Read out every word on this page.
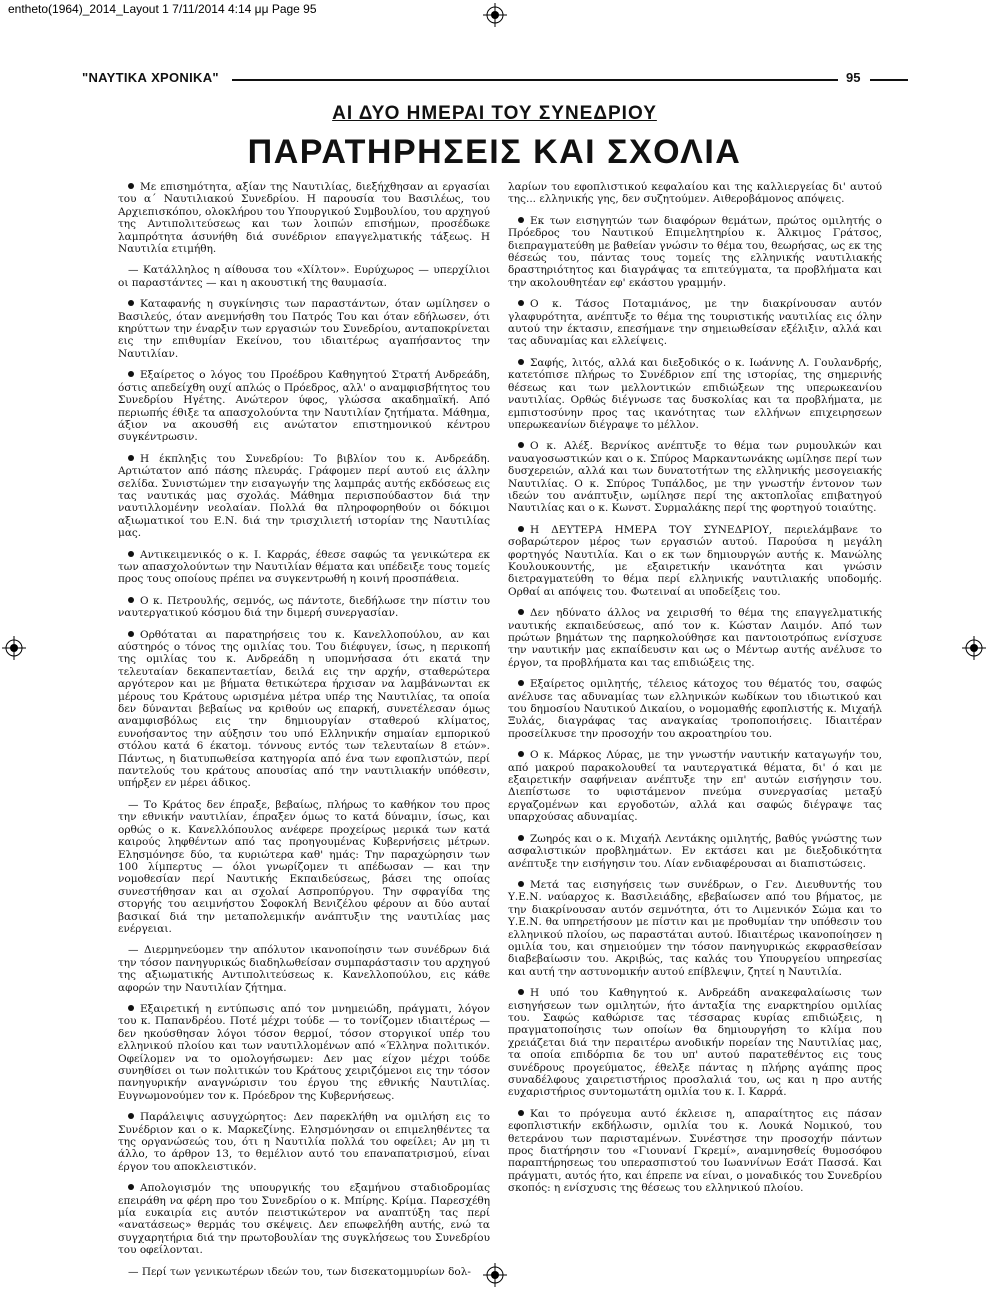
entheto(1964)_2014_Layout 1 7/11/2014 4:14 μμ Page 95
"ΝΑΥΤΙΚΑ ΧΡΟΝΙΚΑ"	95
ΑΙ ΔΥΟ ΗΜΕΡΑΙ ΤΟΥ ΣΥΝΕΔΡΙΟΥ
ΠΑΡΑΤΗΡΗΣΕΙΣ ΚΑΙ ΣΧΟΛΙΑ

Με επισημότητα, αξίαν της Ναυτιλίας, διεξήχθησαν αι εργασίαι του α΄ Ναυτιλιακού Συνεδρίου. Η παρουσία του Βασιλέως, του Αρχιεπισκόπου, ολοκλήρου του Υπουργικού Συμβουλίου, του αρχηγού της Αντιπολιτεύσεως και των λοιπών επισήμων, προσέδωκε λαμπρότητα άσυνήθη διά συνέδριον επαγγελματικής τάξεως. Η Ναυτιλία ετιμήθη.

— Κατάλληλος η αίθουσα του «Χίλτον». Ευρύχωρος — υπερχίλιοι οι παραστάντες — και η ακουστική της θαυμασία.

Καταφανής η συγκίνησις των παραστάντων, όταν ωμίλησεν ο Βασιλεύς, όταν ανεμνήσθη του Πατρός Του και όταν εδήλωσεν, ότι κηρύττων την έναρξιν των εργασιών του Συνεδρίου, ανταποκρίνεται εις την επιθυμίαν Εκείνου, του ιδιαιτέρως αγαπήσαντος την Ναυτιλίαν.

Εξαίρετος ο λόγος του Προέδρου Καθηγητού Στρατή Ανδρεάδη, όστις απεδείχθη ουχί απλώς ο Πρόεδρος, αλλ' ο αναμφισβήτητος του Συνεδρίου Ηγέτης. Ανώτερον ύφος, γλώσσα ακαδημαϊκή. Από περιωπής έθιξε τα απασχολούντα την Ναυτιλίαν ζητήματα. Μάθημα, άξιον να ακουσθή εις ανώτατον επιστημονικού κέντρου συγκέντρωσιν.

Η έκπληξις του Συνεδρίου: Το βιβλίον του κ. Ανδρεάδη. Αρτιώτατον από πάσης πλευράς. Γράφομεν περί αυτού εις άλλην σελίδα. Συνιστώμεν την εισαγωγήν της λαμπράς αυτής εκδόσεως εις τας ναυτικάς μας σχολάς. Μάθημα περισπούδαστον διά την ναυτιλλομένην νεολαίαν. Πολλά θα πληροφορηθούν οι δόκιμοι αξιωματικοί του Ε.Ν. διά την τρισχιλιετή ιστορίαν της Ναυτιλίας μας.

Αντικειμενικός ο κ. Ι. Καρράς, έθεσε σαφώς τα γενικώτερα εκ των απασχολούντων την Ναυτιλίαν θέματα και υπέδειξε τους τομείς προς τους οποίους πρέπει να συγκεντρωθή η κοινή προσπάθεια.

Ο κ. Πετρουλής, σεμνός, ως πάντοτε, διεδήλωσε την πίστιν του ναυτεργατικού κόσμου διά την διμερή συνεργασίαν.

Ορθόταται αι παρατηρήσεις του κ. Κανελλοπούλου, αν και αύστηρός ο τόνος της ομιλίας του. Του διέφυγεν, ίσως, η περικοπή της ομιλίας του κ. Ανδρεάδη η υπομνήσασα ότι εκατά την τελευταίαν δεκαπενταετίαν, δειλά εις την αρχήν, σταθερώτερα αργότερον και με βήματα θετικώτερα ήρχισαν να λαμβάνωνται εκ μέρους του Κράτους ωρισμένα μέτρα υπέρ της Ναυτιλίας, τα οποία δεν δύνανται βεβαίως να κριθούν ως επαρκή, συνετέλεσαν όμως αναμφισβόλως εις την δημιουργίαν σταθερού κλίματος, ευνοήσαντος την αύξησιν του υπό Ελληνικήν σημαίαν εμπορικού στόλου κατά 6 έκατομ. τόννους εντός των τελευταίων 8 ετών». Πάντως, η διατυπωθείσα κατηγορία από ένα των εφοπλιστών, περί παντελούς του κράτους απουσίας από την ναυτιλιακήν υπόθεσιν, υπήρξεν εν μέρει άδικος.

— Το Κράτος δεν έπραξε, βεβαίως, πλήρως το καθήκον του προς την εθνικήν ναυτιλίαν, έπραξεν όμως το κατά δύναμιν, ίσως, και ορθώς ο κ. Κανελλόπουλος ανέφερε προχείρως μερικά των κατά καιρούς ληφθέντων από τας προηγουμένας Κυβερνήσεις μέτρων. Ελησμόνησε δύο, τα κυριώτερα καθ' ημάς: Την παραχώρησιν των 100 λίμπερτυς — όλοι γνωρίζομεν τι απέδωσαν — και την νομοθεσίαν περί Ναυτικής Εκπαιδεύσεως, βάσει της οποίας συνεστήθησαν και αι σχολαί Ασπροπύργου. Την σφραγίδα της στοργής του αειμνήστου Σοφοκλή Βενιζέλου φέρουν αι δύο αυταί βασικαί διά την μεταπολεμικήν ανάπτυξιν της ναυτιλίας μας ενέργειαι.

— Διερμηνεύομεν την απόλυτον ικανοποίησιν των συνέδρων διά την τόσον πανηγυρικώς διαδηλωθείσαν συμπαράστασιν του αρχηγού της αξιωματικής Αντιπολιτεύσεως κ. Κανελλοπούλου, εις κάθε αφορών την Ναυτιλίαν ζήτημα.

Εξαιρετική η εντύπωσις από τον μνημειώδη, πράγματι, λόγον του κ. Παπανδρέου. Ποτέ μέχρι τούδε — το τονίζομεν ιδιαιτέρως — δεν ηκούσθησαν λόγοι τόσον θερμοί, τόσον στοργικοί υπέρ του ελληνικού πλοίου και των ναυτιλλομένων από «Έλληνα πολιτικόν. Οφείλομεν να το ομολογήσωμεν: Δεν μας είχον μέχρι τούδε συνηθίσει οι των πολιτικών του Κράτους χειριζόμενοι εις την τόσον πανηγυρικήν αναγνώρισιν του έργου της εθνικής Ναυτιλίας. Ευγνωμονούμεν τον κ. Πρόεδρον της Κυβερνήσεως.

Παράλειψις ασυγχώρητος: Δεν παρεκλήθη να ομιλήση εις το Συνέδριον και ο κ. Μαρκεζίνης. Ελησμόνησαν οι επιμεληθέντες τα της οργανώσεώς του, ότι η Ναυτιλία πολλά του οφείλει; Αν μη τι άλλο, το άρθρον 13, το θεμέλιον αυτό του επαναπατρισμού, είναι έργον του αποκλειστικόν.

Απολογισμόν της υπουργικής του εξαμήνου σταδιοδρομίας επειράθη να φέρη προ του Συνεδρίου ο κ. Μπίρης. Κρίμα. Παρεσχέθη μία ευκαιρία εις αυτόν πειστικώτερον να αναπτύξη τας περί «ανατάσεως» θερμάς του σκέψεις. Δεν επωφελήθη αυτής, ενώ τα συγχαρητήρια διά την πρωτοβουλίαν της συγκλήσεως του Συνεδρίου του οφείλονται.

— Περί των γενικωτέρων ιδεών του, των δισεκατομμυρίων δολ-

λαρίων του εφοπλιστικού κεφαλαίου και της καλλιεργείας δι' αυτού της... ελληνικής γης, δεν συζητούμεν. Αιθεροβάμονος απόψεις.

Εκ των εισηγητών των διαφόρων θεμάτων, πρώτος ομιλητής ο Πρόεδρος του Ναυτικού Επιμελητηρίου κ. Άλκιμος Γράτσος, διεπραγματεύθη με βαθείαν γνώσιν το θέμα του, θεωρήσας, ως εκ της θέσεώς του, πάντας τους τομείς της ελληνικής ναυτιλιακής δραστηριότητος και διαγράψας τα επιτεύγματα, τα προβλήματα και την ακολουθητέαν εφ' εκάστου γραμμήν.

Ο κ. Τάσος Ποταμιάνος, με την διακρίνουσαν αυτόν γλαφυρότητα, ανέπτυξε το θέμα της τουριστικής ναυτιλίας εις όλην αυτού την έκτασιν, επεσήμανε την σημειωθείσαν εξέλιξιν, αλλά και τας αδυναμίας και ελλείψεις.

Σαφής, λιτός, αλλά και διεξοδικός ο κ. Ιωάννης Λ. Γουλανδρής, κατετόπισε πλήρως το Συνέδριον επί της ιστορίας, της σημερινής θέσεως και των μελλοντικών επιδιώξεων της υπερωκεανίου ναυτιλίας. Ορθώς διέγνωσε τας δυσκολίας και τα προβλήματα, με εμπιστοσύνην προς τας ικανότητας των ελλήνων επιχειρησεων υπερωκεανίων διέγραψε το μέλλον.

Ο κ. Αλέξ. Βερνίκος ανέπτυξε το θέμα των ρυμουλκών και ναυαγοσωστικών και ο κ. Σπύρος Μαρκαντωνάκης ωμίλησε περί των δυσχερειών, αλλά και των δυνατοτήτων της ελληνικής μεσογειακής Ναυτιλίας. Ο κ. Σπύρος Τυπάλδος, με την γνωστήν έντονον των ιδεών του ανάπτυξιν, ωμίλησε περί της ακτοπλοΐας επιβατηγού Ναυτιλίας και ο κ. Κωνστ. Συρμαλάκης περί της φορτηγού τοιαύτης.

Η ΔΕΥΤΕΡΑ ΗΜΕΡΑ ΤΟΥ ΣΥΝΕΔΡΙΟΥ, περιελάμβανε το σοβαρώτερον μέρος των εργασιών αυτού. Παρούσα η μεγάλη φορτηγός Ναυτιλία. Και ο εκ των δημιουργών αυτής κ. Μανώλης Κουλουκουντής, με εξαιρετικήν ικανότητα και γνώσιν διετραγματεύθη το θέμα περί ελληνικής ναυτιλιακής υποδομής. Ορθαί αι απόψεις του. Φωτειναί αι υποδείξεις του.

Δεν ηδύνατο άλλος να χειρισθή το θέμα της επαγγελματικής ναυτικής εκπαιδεύσεως, από τον κ. Κώσταν Λαιμόν. Από των πρώτων βημάτων της παρηκολούθησε και παντοιοτρόπως ενίσχυσε την ναυτικήν μας εκπαίδευσιν και ως ο Μέντωρ αυτής ανέλυσε το έργον, τα προβλήματα και τας επιδιώξεις της.

Εξαίρετος ομιλητής, τέλειος κάτοχος του θέματός του, σαφώς ανέλυσε τας αδυναμίας των ελληνικών κωδίκων του ιδιωτικού και του δημοσίου Ναυτικού Δικαίου, ο νομομαθής εφοπλιστής κ. Μιχαήλ Ξυλάς, διαγράφας τας αναγκαίας τροποποιήσεις. Ιδιαιτέραν προσείλκυσε την προσοχήν του ακροατηρίου του.

Ο κ. Μάρκος Λύρας, με την γνωστήν ναυτικήν καταγωγήν του, από μακρού παρακολουθεί τα ναυτεργατικά θέματα, δι' ό και με εξαιρετικήν σαφήνειαν ανέπτυξε την επ' αυτών εισήγησιν του. Διεπίστωσε το υφιστάμενον πνεύμα συνεργασίας μεταξύ εργαζομένων και εργοδοτών, αλλά και σαφώς διέγραψε τας υπαρχούσας αδυναμίας.

Ζωηρός και ο κ. Μιχαήλ Λεντάκης ομιλητής, βαθύς γνώστης των ασφαλιστικών προβλημάτων. Εν εκτάσει και με διεξοδικότητα ανέπτυξε την εισήγησιν του. Λίαν ενδιαφέρουσαι αι διαπιστώσεις.

Μετά τας εισηγήσεις των συνέδρων, ο Γεν. Διευθυντής του Υ.Ε.Ν. ναύαρχος κ. Βασιλειάδης, εβεβαίωσεν από του βήματος, με την διακρίνουσαν αυτόν σεμνότητα, ότι το Λιμενικόν Σώμα και το Υ.Ε.Ν. θα υπηρετήσουν με πίστιν και με προθυμίαν την υπόθεσιν του ελληνικού πλοίου, ως παραστάται αυτού. Ιδιαιτέρως ικανοποίησεν η ομιλία του, και σημειούμεν την τόσον πανηγυρικώς εκφρασθείσαν διαβεβαίωσιν του. Ακριβώς, τας καλάς του Υπουργείου υπηρεσίας και αυτή την αστυνομικήν αυτού επίβλεψιν, ζητεί η Ναυτιλία.

Η υπό του Καθηγητού κ. Ανδρεάδη ανακεφαλαίωσις των εισηγήσεων των ομιλητών, ήτο άνταξία της εναρκτηρίου ομιλίας του. Σαφώς καθώρισε τας τέσσαρας κυρίας επιδιώξεις, η πραγματοποίησις των οποίων θα δημιουργήση το κλίμα που χρειάζεται διά την περαιτέρω ανοδικήν πορείαν της Ναυτιλίας μας, τα οποία επιδόρπια δε του υπ' αυτού παρατεθέντος εις τους συνέδρους προγεύματος, έθελξε πάντας η πλήρης αγάπης προς συναδέλφους χαιρετιστήριος προσλαλιά του, ως και η προ αυτής ευχαριστήριος συντομωτάτη ομιλία του κ. Ι. Καρρά.

Και το πρόγευμα αυτό έκλεισε η, απαραίτητος εις πάσαν εφοπλιστικήν εκδήλωσιν, ομιλία του κ. Λουκά Νομικού, του θετεράνου των παρισταμένων. Συνέστησε την προσοχήν πάντων προς διατήρησιν του «Γιουνανί Γκρεμί», αναμνησθείς θυμοσόφου παραπτήρησεως του υπερασπιστού του Ιωαννίνων Εσάτ Πασσά. Και πράγματι, αυτός ήτο, και έπρεπε να είναι, ο μοναδικός του Συνεδρίου σκοπός: η ενίσχυσις της θέσεως του ελληνικού πλοίου.
